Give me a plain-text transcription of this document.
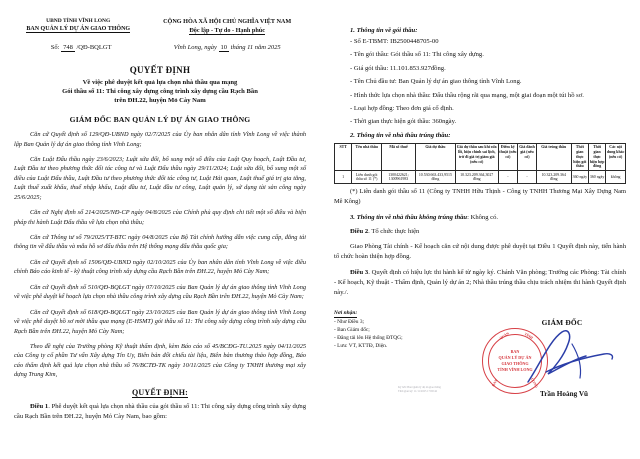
UBND TỈNH VĨNH LONG
BAN QUẢN LÝ DỰ ÁN GIAO THÔNG
CỘNG HÒA XÃ HỘI CHỦ NGHĨA VIỆT NAM
Độc lập - Tự do - Hạnh phúc
Số: 748 /QĐ-BQLGT	Vĩnh Long, ngày 10 tháng 11 năm 2025
QUYẾT ĐỊNH
Về việc phê duyệt kết quả lựa chọn nhà thầu qua mạng
Gói thầu số 11: Thi công xây dựng công trình xây dựng cầu Rạch Bần
trên ĐH.22, huyện Mỏ Cày Nam
GIÁM ĐỐC BAN QUẢN LÝ DỰ ÁN GIAO THÔNG
Căn cứ Quyết định số 129/QĐ-UBND ngày 02/7/2025 của Ủy ban nhân dân tỉnh Vĩnh Long về việc thành lập Ban Quản lý dự án giao thông tỉnh Vĩnh Long;
Căn Luật Đấu thầu ngày 23/6/2023; Luật sửa đổi, bổ sung một số điều của Luật Quy hoạch, Luật Đầu tư, Luật Đầu tư theo phương thức đối tác công tư và Luật Đấu thầu ngày 29/11/2024; Luật sửa đổi, bổ sung một số điều của Luật Đấu thầu, Luật Đầu tư theo phương thức đối tác công tư, Luật Hải quan, Luật thuế giá trị gia tăng, Luật thuế xuất khẩu, thuế nhập khẩu, Luật đầu tư, Luật đầu tư công, Luật quản lý, sử dụng tài sản công ngày 25/6/2025;
Căn cứ Nghị định số 214/2025/NĐ-CP ngày 04/8/2025 của Chính phủ quy định chi tiết một số điều và biện pháp thi hành Luật Đấu thầu về lựa chọn nhà thầu;
Căn cứ Thông tư số 79/2025/TT-BTC ngày 04/8/2025 của Bộ Tài chính hướng dẫn việc cung cấp, đăng tải thông tin về đấu thầu và mẫu hồ sơ đấu thầu trên Hệ thống mạng đấu thầu quốc gia;
Căn cứ Quyết định số 1506/QĐ-UBND ngày 02/10/2025 của Ủy ban nhân dân tỉnh Vĩnh Long về việc điều chỉnh Báo cáo kinh tế - kỹ thuật công trình xây dựng cầu Rạch Bần trên ĐH.22, huyện Mỏ Cày Nam;
Căn cứ Quyết định số 510/QĐ-BQLGT ngày 07/10/2025 của Ban Quản lý dự án giao thông tỉnh Vĩnh Long về việc phê duyệt kế hoạch lựa chọn nhà thầu công trình xây dựng cầu Rạch Bần trên ĐH.22, huyện Mỏ Cày Nam;
Căn cứ Quyết định số 618/QĐ-BQLGT ngày 23/10/2025 của Ban Quản lý dự án giao thông tỉnh Vĩnh Long về việc phê duyệt hồ sơ mời thầu qua mạng (E-HSMT) gói thầu số 11: Thi công xây dựng công trình xây dựng cầu Rạch Bần trên ĐH.22, huyện Mỏ Cày Nam;
Theo đề nghị của Trưởng phòng Kỹ thuật thẩm định, kèm Báo cáo số 45/BCĐG-TU.2025 ngày 04/11/2025 của Công ty cổ phần Tư vấn Xây dựng Tín Uy, Biên bản đối chiếu tài liệu, Biên bản thương thảo hợp đồng, Báo cáo thẩm định kết quả lựa chọn nhà thầu số 76/BCTĐ-TK ngày 10/11/2025 của Công ty TNHH thương mại xây dựng Trung Kim,
QUYẾT ĐỊNH:
Điều 1. Phê duyệt kết quả lựa chọn nhà thầu của gói thầu số 11: Thi công xây dựng công trình xây dựng cầu Rạch Bần trên ĐH.22, huyện Mỏ Cày Nam, bao gồm:
1. Thông tin về gói thầu:
- Số E-TBMT: IB2500448705-00
- Tên gói thầu: Gói thầu số 11: Thi công xây dựng.
- Giá gói thầu: 11.101.853.927đồng.
- Tên Chủ đầu tư: Ban Quản lý dự án giao thông tỉnh Vĩnh Long.
- Hình thức lựa chọn nhà thầu: Đấu thầu rộng rãi qua mạng, một giai đoạn một túi hồ sơ.
- Loại hợp đồng: Theo đơn giá cố định.
- Thời gian thực hiện gói thầu: 360ngày.
2. Thông tin về nhà thầu trúng thầu:
STT	Tên nhà thầu	Mã số thuế	Giá dự thầu	Giá dự thầu sau khi sửa lỗi, hiệu chỉnh sai lệch, trừ đi giá trị giảm giá (nếu có)	Điểm kỹ thuật (nếu có)	Giá đánh giá (nếu có)	Giá trúng thầu	Thời gian thực hiện gói thầu	Thời gian thực hiện hợp đồng	Các nội dung khác (nếu có)
1	Liên danh gói thầu số 11 (*)	1300422621; 1300961983	10.530.663.433,9515 đồng	10.323.209.364,3027 đồng	-	-	10.323.209.364 đồng	360 ngày	360 ngày	không
(*) Liên danh gói thầu số 11 (Công ty TNHH Hữu Thịnh - Công ty TNHH Thương Mại Xây Dựng Nam Mê Kông)
3. Thông tin về nhà thầu không trúng thầu: Không có.
Điều 2. Tổ chức thực hiện
Giao Phòng Tài chính - Kế hoạch căn cứ nội dung được phê duyệt tại Điều 1 Quyết định này, tiến hành tổ chức hoàn thiện hợp đồng.
Điều 3. Quyết định có hiệu lực thi hành kể từ ngày ký. Chánh Văn phòng; Trưởng các Phòng: Tài chính - Kế hoạch, Kỹ thuật - Thẩm định, Quản lý dự án 2; Nhà thầu trúng thầu chịu trách nhiệm thi hành Quyết định này./.
Nơi nhận:
- Như Điều 3;
- Ban Giám đốc;
- Đăng tải lên Hệ thống ĐTQG;
- Lưu: VT, KTTĐ, Diện.
GIÁM ĐỐC
QUẢN	TỈNH
BAN	LONG
BAN
QUẢN LÝ DỰ ÁN
GIAO THÔNG
TỈNH VĨNH LONG
Trần Hoàng Vũ
Ký bởi: Ban Quản lý dự án giao thông
Thời gian ký: 11/11/2025 17:09:42
